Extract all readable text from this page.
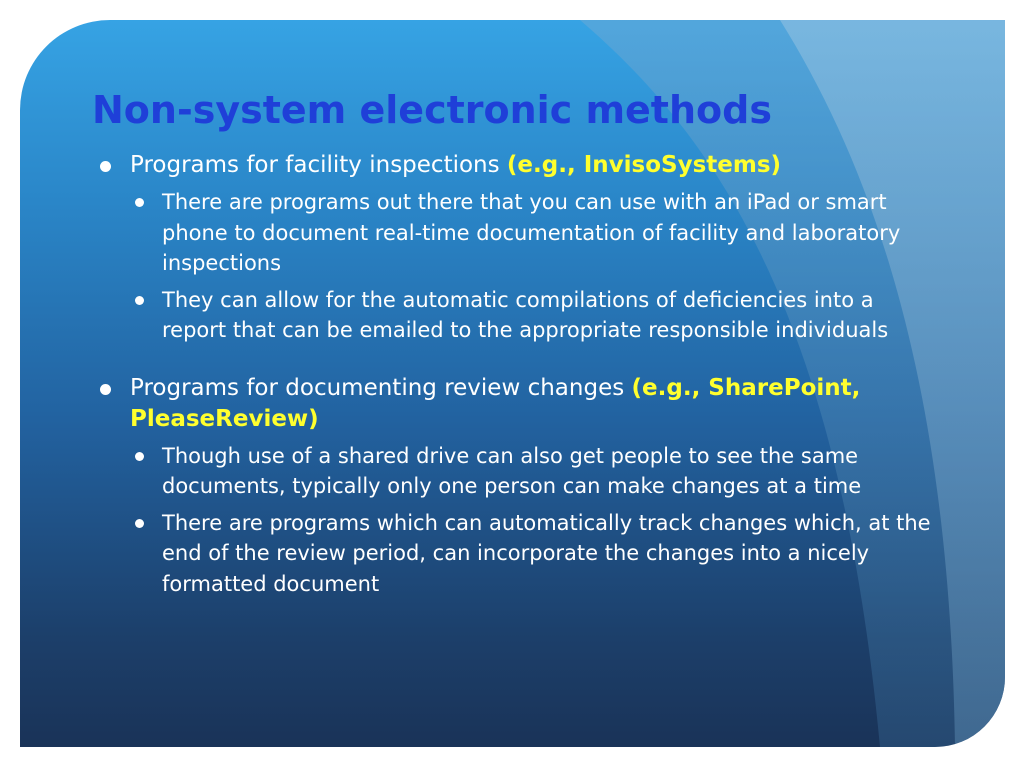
Non-system electronic methods
Programs for facility inspections (e.g., InvisoSystems)
There are programs out there that you can use with an iPad or smart phone to document real-time documentation of facility and laboratory inspections
They can allow for the automatic compilations of deficiencies into a report that can be emailed to the appropriate responsible individuals
Programs for documenting review changes (e.g., SharePoint, PleaseReview)
Though use of a shared drive can also get people to see the same documents, typically only one person can make changes at a time
There are programs which can automatically track changes which, at the end of the review period, can incorporate the changes into a nicely formatted document
